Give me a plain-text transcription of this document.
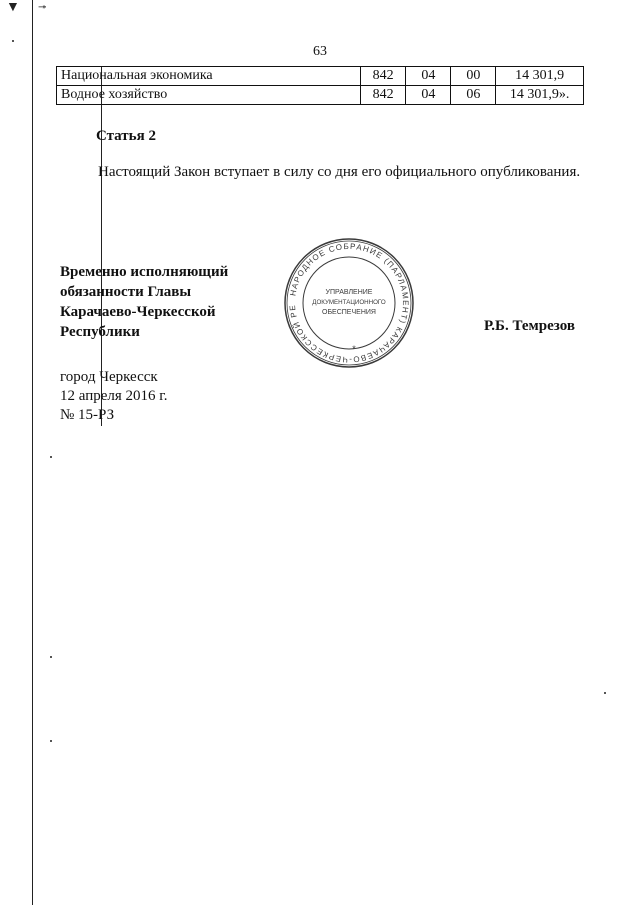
▼ ↠
63
Национальная экономика	842	04	00	14 301,9
Водное хозяйство	842	04	06	14 301,9».
Статья 2
Настоящий Закон вступает в силу со дня его официального опубликования.
Временно исполняющий
обязанности Главы
Карачаево-Черкесской
Республики	Р.Б. Темрезов
НАРОДНОЕ СОБРАНИЕ (ПАРЛАМЕНТ) КАРАЧАЕВО-ЧЕРКЕССКОЙ РЕ
УПРАВЛЕНИЕ
ДОКУМЕНТАЦИОННОГО
ОБЕСПЕЧЕНИЯ
*
город Черкесск
12 апреля 2016 г.
№ 15-РЗ
